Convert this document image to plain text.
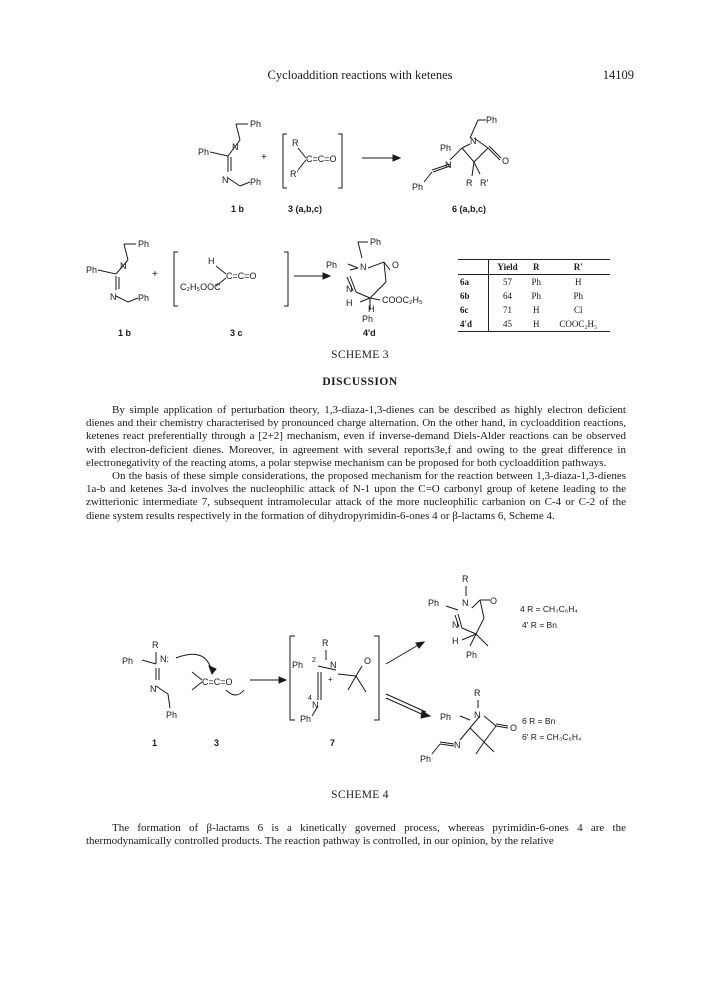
Cycloaddition reactions with ketenes	14109
Ph
Ph	N
N Ph
+
R
R'
C=C=O
Ph
Ph
N
O
N
Ph	R R'
Ph
Ph	N
N Ph
+
H
C₂H₅OOC
C=C=O
Ph
Ph	N	O
N
H
H
COOC₂H₅
Ph
R
Ph	N:
N
Ph
C=C=O
R
Ph 2 N	O
+
4
N
Ph
R
Ph	N O
N
H
Ph
R
Ph	N
O
N
Ph
4 R = CH₃C₆H₄
4' R = Bn
6 R = Bn
6' R = CH₃C₆H₄
1 b	3 (a,b,c)	6 (a,b,c)
1 b	3 c	4'd
1	3	7
	Yield	R	R'
6a	57	Ph	H
6b	64	Ph	Ph
6c	71	H	Cl
4'd	45	H	COOC₂H₅
SCHEME 3
DISCUSSION

By simple application of perturbation theory, 1,3-diaza-1,3-dienes can be described as highly electron deficient dienes and their chemistry characterised by pronounced charge alternation. On the other hand, in cycloaddition reactions, ketenes react preferentially through a [2+2] mechanism, even if inverse-demand Diels-Alder reactions can be observed with electron-deficient dienes. Moreover, in agreement with several reports3e,f and owing to the great difference in electronegativity of the reacting atoms, a polar stepwise mechanism can be proposed for both cycloaddition pathways.

On the basis of these simple considerations, the proposed mechanism for the reaction between 1,3-diaza-1,3-dienes 1a-b and ketenes 3a-d involves the nucleophilic attack of N-1 upon the C=O carbonyl group of ketene leading to the zwitterionic intermediate 7, subsequent intramolecular attack of the more nucleophilic carbanion on C-4 or C-2 of the diene system results respectively in the formation of dihydropyrimidin-6-ones 4 or β-lactams 6, Scheme 4.

SCHEME 4

The formation of β-lactams 6 is a kinetically governed process, whereas pyrimidin-6-ones 4 are the thermodynamically controlled products. The reaction pathway is controlled, in our opinion, by the relative
